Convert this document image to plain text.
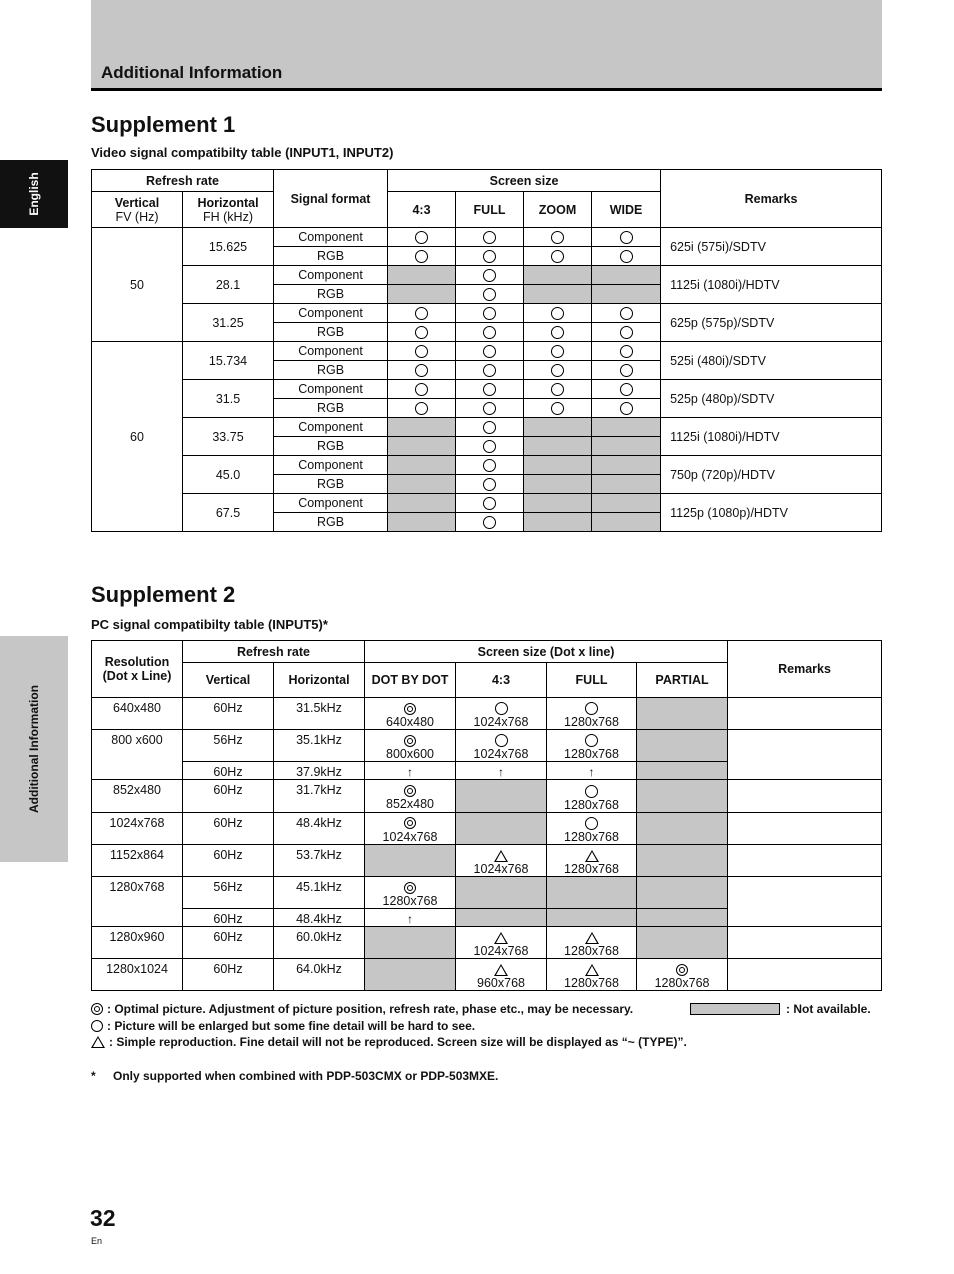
Additional Information
English
Additional Information
Supplement 1
Video signal compatibilty table (INPUT1, INPUT2)
Refresh rate		Signal format	Screen size				Remarks
Vertical
FV (Hz)	Horizontal
FH (kHz)		4:3	FULL	ZOOM	WIDE	
50	15.625	Component					625i (575i)/SDTV
		RGB					
	28.1	Component					1125i (1080i)/HDTV
		RGB					
	31.25	Component					625p (575p)/SDTV
		RGB					
60	15.734	Component					525i (480i)/SDTV
		RGB					
	31.5	Component					525p (480p)/SDTV
		RGB					
	33.75	Component					1125i (1080i)/HDTV
		RGB					
	45.0	Component					750p (720p)/HDTV
		RGB					
	67.5	Component					1125p (1080p)/HDTV
		RGB					
Supplement 2
PC signal compatibilty table (INPUT5)*
Resolution
(Dot x Line)	Refresh rate		Screen size (Dot x line)				Remarks
	Vertical	Horizontal	DOT BY DOT	4:3	FULL	PARTIAL	
640x480	60Hz	31.5kHz	640x480	1024x768	1280x768		
800 x600	56Hz	35.1kHz	800x600	1024x768	1280x768		
	60Hz	37.9kHz	↑	↑	↑		
852x480	60Hz	31.7kHz	852x480		1280x768		
1024x768	60Hz	48.4kHz	1024x768		1280x768		
1152x864	60Hz	53.7kHz		1024x768	1280x768		
1280x768	56Hz	45.1kHz	1280x768				
	60Hz	48.4kHz	↑				
1280x960	60Hz	60.0kHz		1024x768	1280x768		
1280x1024	60Hz	64.0kHz		960x768	1280x768	1280x768	
: Optimal picture. Adjustment of picture position, refresh rate, phase etc., may be necessary.	: Not available.
: Picture will be enlarged but some fine detail will be hard to see.
: Simple reproduction. Fine detail will not be reproduced. Screen size will be displayed as “~ (TYPE)”.
*	Only supported when combined with PDP-503CMX or PDP-503MXE.
32
En
